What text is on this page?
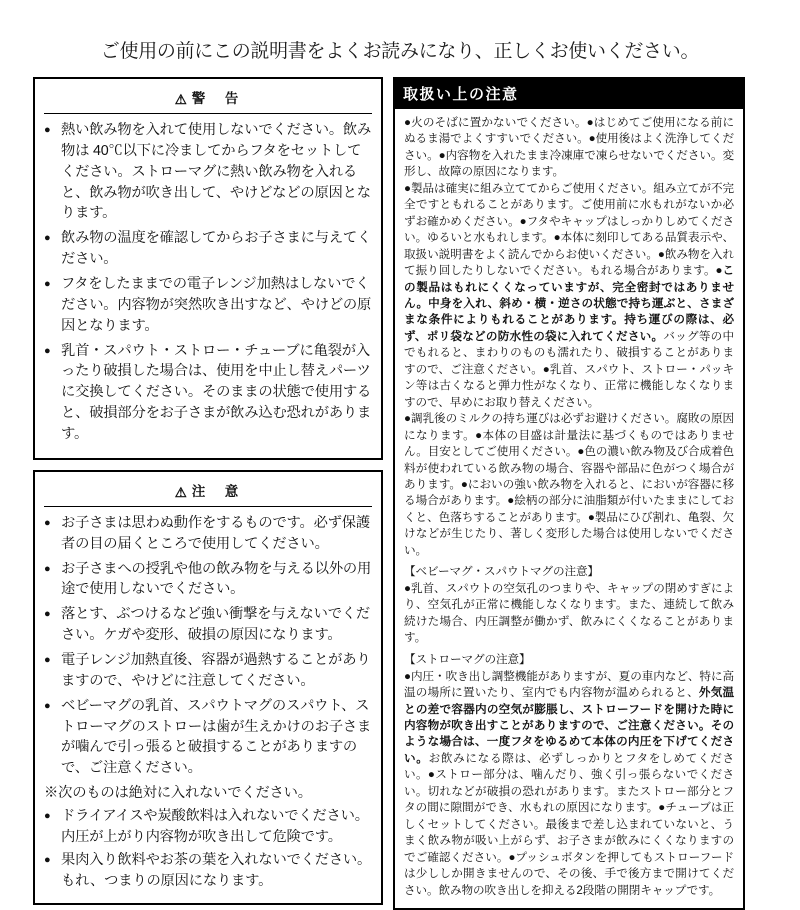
ご使用の前にこの説明書をよくお読みになり、正しくお使いください。
⚠ 警　告
● 熱い飲み物を入れて使用しないでください。飲み物は 40℃以下に冷ましてからフタをセットしてください。ストローマグに熱い飲み物を入れると、飲み物が吹き出して、やけどなどの原因となります。
● 飲み物の温度を確認してからお子さまに与えてください。
● フタをしたままでの電子レンジ加熱はしないでください。内容物が突然吹き出すなど、やけどの原因となります。
● 乳首・スパウト・ストロー・チューブに亀裂が入ったり破損した場合は、使用を中止し替えパーツに交換してください。そのままの状態で使用すると、破損部分をお子さまが飲み込む恐れがあります。
⚠ 注　意
● お子さまは思わぬ動作をするものです。必ず保護者の目の届くところで使用してください。
● お子さまへの授乳や他の飲み物を与える以外の用途で使用しないでください。
● 落とす、ぶつけるなど強い衝撃を与えないでください。ケガや変形、破損の原因になります。
● 電子レンジ加熱直後、容器が過熱することがありますので、やけどに注意してください。
● ベビーマグの乳首、スパウトマグのスパウト、ストローマグのストローは歯が生えかけのお子さまが噛んで引っ張ると破損することがありますので、ご注意ください。
※次のものは絶対に入れないでください。
● ドライアイスや炭酸飲料は入れないでください。内圧が上がり内容物が吹き出して危険です。
● 果肉入り飲料やお茶の葉を入れないでください。もれ、つまりの原因になります。
取扱い上の注意

●火のそばに置かないでください。●はじめてご使用になる前にぬるま湯でよくすすいでください。●使用後はよく洗浄してください。●内容物を入れたまま冷凍庫で凍らせないでください。変形し、故障の原因になります。

●製品は確実に組み立ててからご使用ください。組み立てが不完全ですともれることがあります。ご使用前に水もれがないか必ずお確かめください。●フタやキャップはしっかりしめてください。ゆるいと水もれします。●本体に刻印してある品質表示や、取扱い説明書をよく読んでからお使いください。●飲み物を入れて振り回したりしないでください。もれる場合があります。●この製品はもれにくくなっていますが、完全密封ではありません。中身を入れ、斜め・横・逆さの状態で持ち運ぶと、さまざまな条件によりもれることがあります。持ち運びの際は、必ず、ポリ袋などの防水性の袋に入れてください。バッグ等の中でもれると、まわりのものも濡れたり、破損することがありますので、ご注意ください。●乳首、スパウト、ストロー・パッキン等は古くなると弾力性がなくなり、正常に機能しなくなりますので、早めにお取り替えください。

●調乳後のミルクの持ち運びは必ずお避けください。腐敗の原因になります。●本体の目盛は計量法に基づくものではありません。目安としてご使用ください。●色の濃い飲み物及び合成着色料が使われている飲み物の場合、容器や部品に色がつく場合があります。●においの強い飲み物を入れると、においが容器に移る場合があります。●絵柄の部分に油脂類が付いたままにしておくと、色落ちすることがあります。●製品にひび割れ、亀裂、欠けなどが生じたり、著しく変形した場合は使用しないでください。

【ベビーマグ・スパウトマグの注意】

●乳首、スパウトの空気孔のつまりや、キャップの閉めすぎにより、空気孔が正常に機能しなくなります。また、連続して飲み続けた場合、内圧調整が働かず、飲みにくくなることがあります。

【ストローマグの注意】

●内圧・吹き出し調整機能がありますが、夏の車内など、特に高温の場所に置いたり、室内でも内容物が温められると、外気温との差で容器内の空気が膨脹し、ストローフードを開けた時に内容物が吹き出すことがありますので、ご注意ください。そのような場合は、一度フタをゆるめて本体の内圧を下げてください。お飲みになる際は、必ずしっかりとフタをしめてください。●ストロー部分は、噛んだり、強く引っ張らないでください。切れなどが破損の恐れがあります。またストロー部分とフタの間に隙間ができ、水もれの原因になります。●チューブは正しくセットしてください。最後まで差し込まれていないと、うまく飲み物が吸い上がらず、お子さまが飲みにくくなりますのでご確認ください。●プッシュボタンを押してもストローフードは少ししか開きませんので、その後、手で後方まで開けてください。飲み物の吹き出しを抑える2段階の開閉キャップです。
